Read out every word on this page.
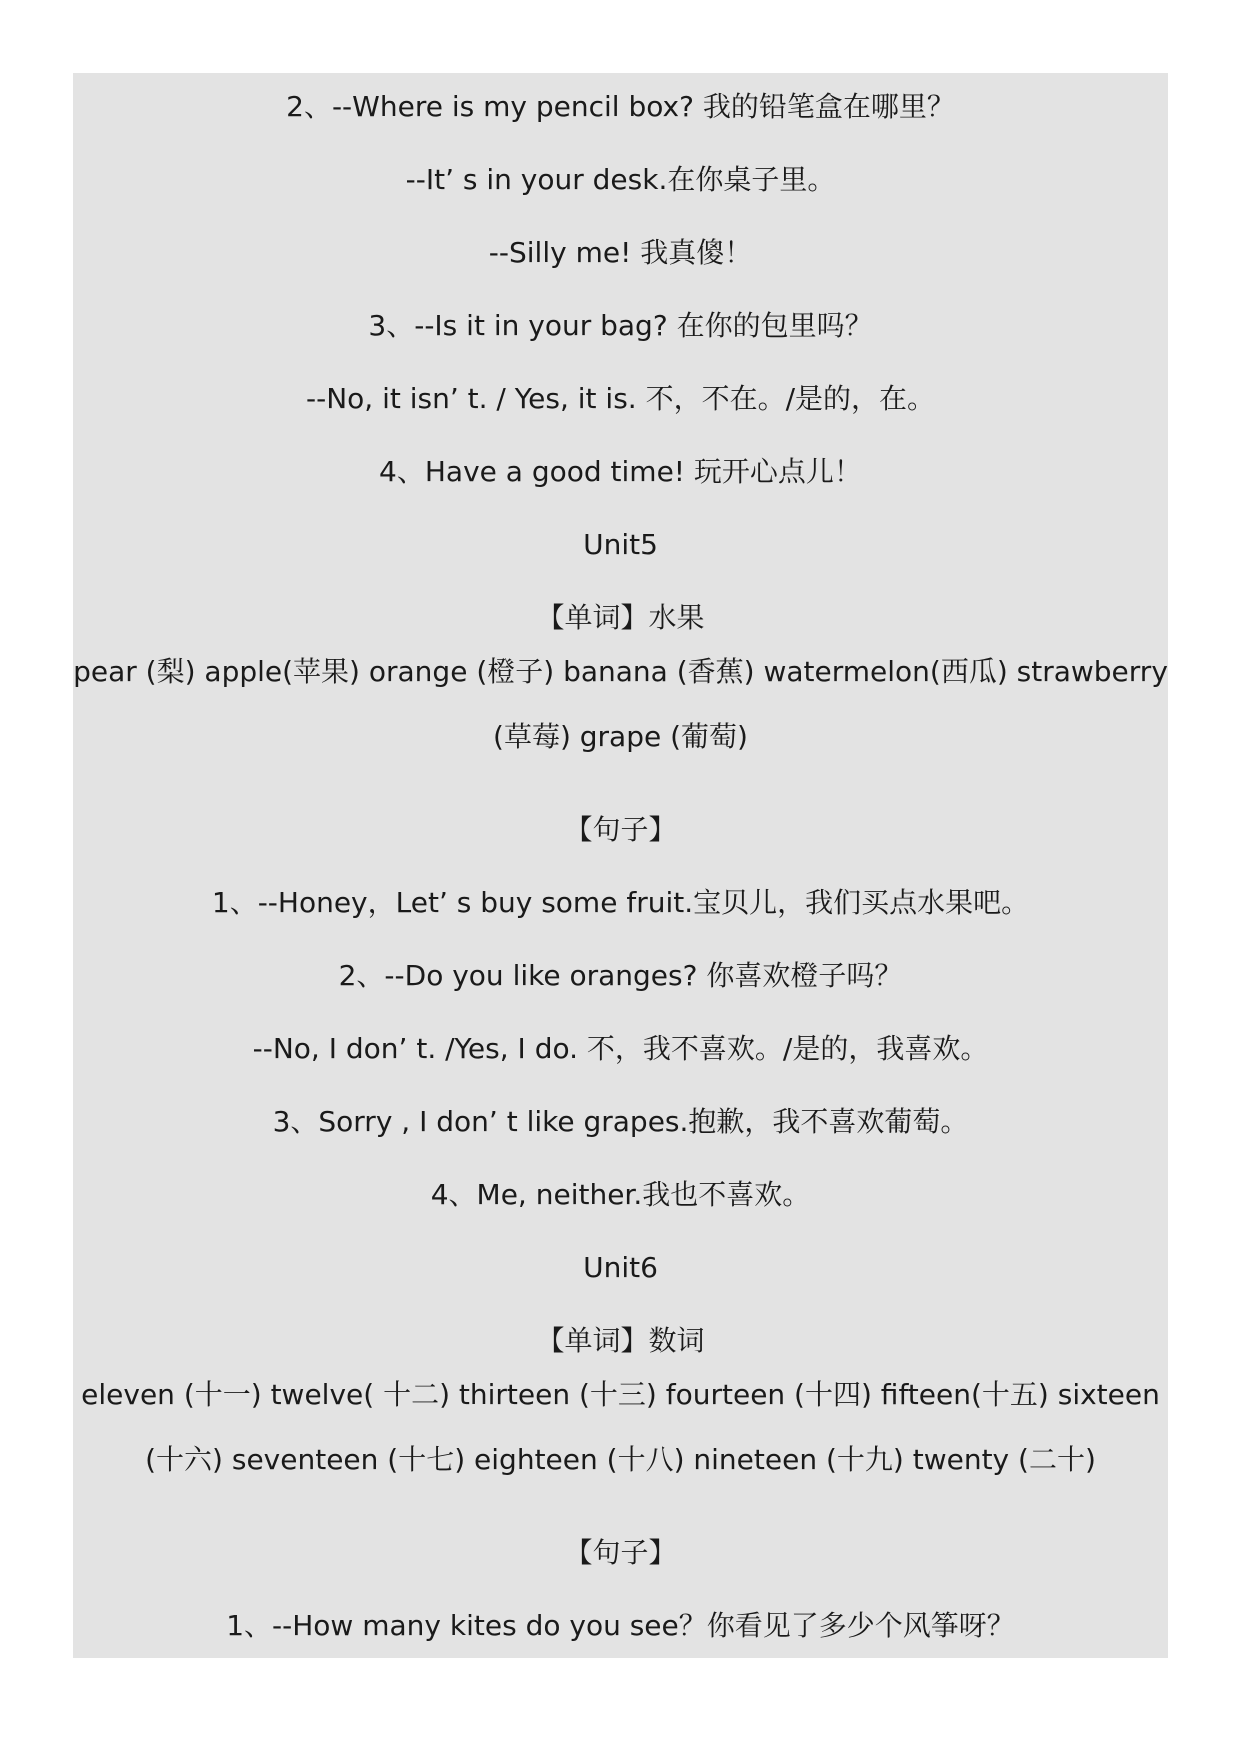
2、--Where is my pencil box? 我的铅笔盒在哪里？
--It’ s in your desk.在你桌子里。
--Silly me! 我真傻！
3、--Is it in your bag? 在你的包里吗？
--No, it isn’ t. / Yes, it is. 不，不在。/是的，在。
4、Have a good time! 玩开心点儿！
Unit5
【单词】水果
pear (梨) apple(苹果) orange (橙子) banana (香蕉) watermelon(西瓜) strawberry
(草莓) grape (葡萄)
【句子】
1、--Honey，Let’ s buy some fruit.宝贝儿，我们买点水果吧。
2、--Do you like oranges? 你喜欢橙子吗？
--No, I don’ t. /Yes, I do. 不，我不喜欢。/是的，我喜欢。
3、Sorry , I don’ t like grapes.抱歉，我不喜欢葡萄。
4、Me, neither.我也不喜欢。
Unit6
【单词】数词
eleven (十一) twelve( 十二) thirteen (十三) fourteen (十四) fifteen(十五) sixteen
(十六) seventeen (十七) eighteen (十八) nineteen (十九) twenty (二十)
【句子】
1、--How many kites do you see？你看见了多少个风筝呀？
